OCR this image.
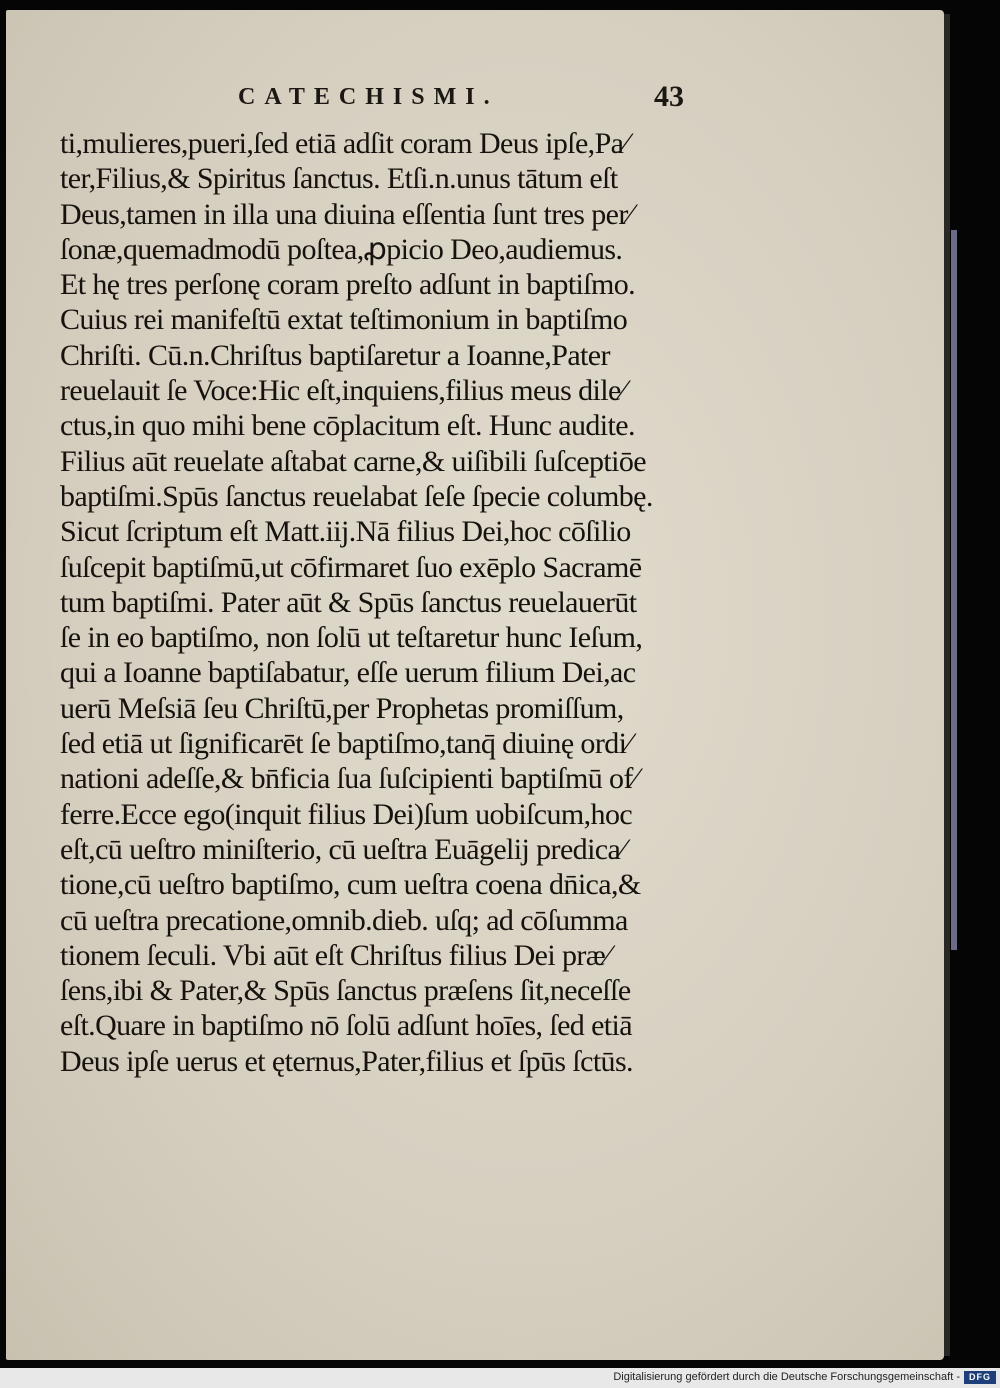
CATECHISMI.	43
ti,mulieres,pueri,ſed etiā adſit coram Deus ipſe,Pa⁄
ter,Filius,& Spiritus ſanctus. Etſi.n.unus tātum eſt
Deus,tamen in illa una diuina eſſentia ſunt tres per⁄
ſonæ,quemadmodū poſtea,ꝓpicio Deo,audiemus.
Et hę tres perſonę coram preſto adſunt in baptiſmo.
Cuius rei manifeſtū extat teſtimonium in baptiſmo
Chriſti. Cū.n.Chriſtus baptiſaretur a Ioanne,Pater
reuelauit ſe Voce:Hic eſt,inquiens,filius meus dile⁄
ctus,in quo mihi bene cōplacitum eſt. Hunc audite.
Filius aūt reuelate aſtabat carne,& uiſibili ſuſceptiōe
baptiſmi.Spūs ſanctus reuelabat ſeſe ſpecie columbę.
Sicut ſcriptum eſt Matt.iij.Nā filius Dei,hoc cōſilio
ſuſcepit baptiſmū,ut cōfirmaret ſuo exēplo Sacramē
tum baptiſmi. Pater aūt & Spūs ſanctus reuelauerūt
ſe in eo baptiſmo, non ſolū ut teſtaretur hunc Ieſum,
qui a Ioanne baptiſabatur, eſſe uerum filium Dei,ac
uerū Meſsiā ſeu Chriſtū,per Prophetas promiſſum,
ſed etiā ut ſignificarēt ſe baptiſmo,tanq̄ diuinę ordi⁄
nationi adeſſe,& bn̄ficia ſua ſuſcipienti baptiſmū of⁄
ferre.Ecce ego(inquit filius Dei)ſum uobiſcum,hoc
eſt,cū ueſtro miniſterio, cū ueſtra Euāgelij predica⁄
tione,cū ueſtro baptiſmo, cum ueſtra coena dn̄ica,&
cū ueſtra precatione,omnib.dieb. uſq; ad cōſumma
tionem ſeculi. Vbi aūt eſt Chriſtus filius Dei præ⁄
ſens,ibi & Pater,& Spūs ſanctus præſens ſit,neceſſe
eſt.Quare in baptiſmo nō ſolū adſunt hoīes, ſed etiā
Deus ipſe uerus et ęternus,Pater,filius et ſpūs ſctūs.
Digitalisierung gefördert durch die Deutsche Forschungsgemeinschaft -	DFG
